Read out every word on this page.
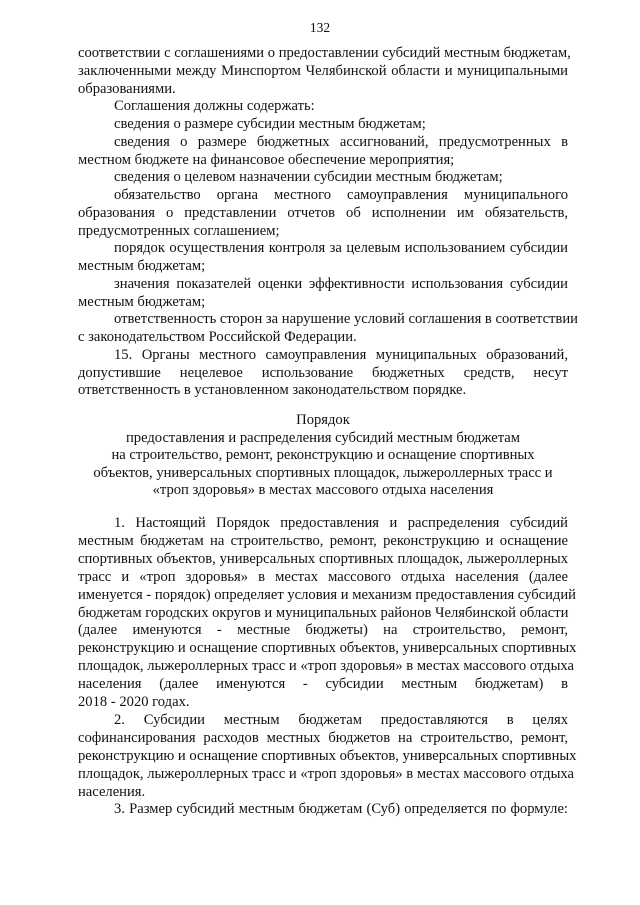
132
соответствии с соглашениями о предоставлении субсидий местным бюджетам,
заключенными между Минспортом Челябинской области и муниципальными
образованиями.
Соглашения должны содержать:
сведения о размере субсидии местным бюджетам;
сведения о размере бюджетных ассигнований, предусмотренных в
местном бюджете на финансовое обеспечение мероприятия;
сведения о целевом назначении субсидии местным бюджетам;
обязательство органа местного самоуправления муниципального
образования о представлении отчетов об исполнении им обязательств,
предусмотренных соглашением;
порядок осуществления контроля за целевым использованием субсидии
местным бюджетам;
значения показателей оценки эффективности использования субсидии
местным бюджетам;
ответственность сторон за нарушение условий соглашения в соответствии
с законодательством Российской Федерации.
15. Органы местного самоуправления муниципальных образований,
допустившие нецелевое использование бюджетных средств, несут
ответственность в установленном законодательством порядке.
Порядок
предоставления и распределения субсидий местным бюджетам
на строительство, ремонт, реконструкцию и оснащение спортивных
объектов, универсальных спортивных площадок, лыжероллерных трасс и
«троп здоровья» в местах массового отдыха населения
1. Настоящий Порядок предоставления и распределения субсидий
местным бюджетам на строительство, ремонт, реконструкцию и оснащение
спортивных объектов, универсальных спортивных площадок, лыжероллерных
трасс и «троп здоровья» в местах массового отдыха населения (далее
именуется - порядок) определяет условия и механизм предоставления субсидий
бюджетам городских округов и муниципальных районов Челябинской области
(далее именуются - местные бюджеты) на строительство, ремонт,
реконструкцию и оснащение спортивных объектов, универсальных спортивных
площадок, лыжероллерных трасс и «троп здоровья» в местах массового отдыха
населения (далее именуются - субсидии местным бюджетам) в
2018 - 2020 годах.
2. Субсидии местным бюджетам предоставляются в целях
софинансирования расходов местных бюджетов на строительство, ремонт,
реконструкцию и оснащение спортивных объектов, универсальных спортивных
площадок, лыжероллерных трасс и «троп здоровья» в местах массового отдыха
населения.
3. Размер субсидий местным бюджетам (Суб) определяется по формуле:
